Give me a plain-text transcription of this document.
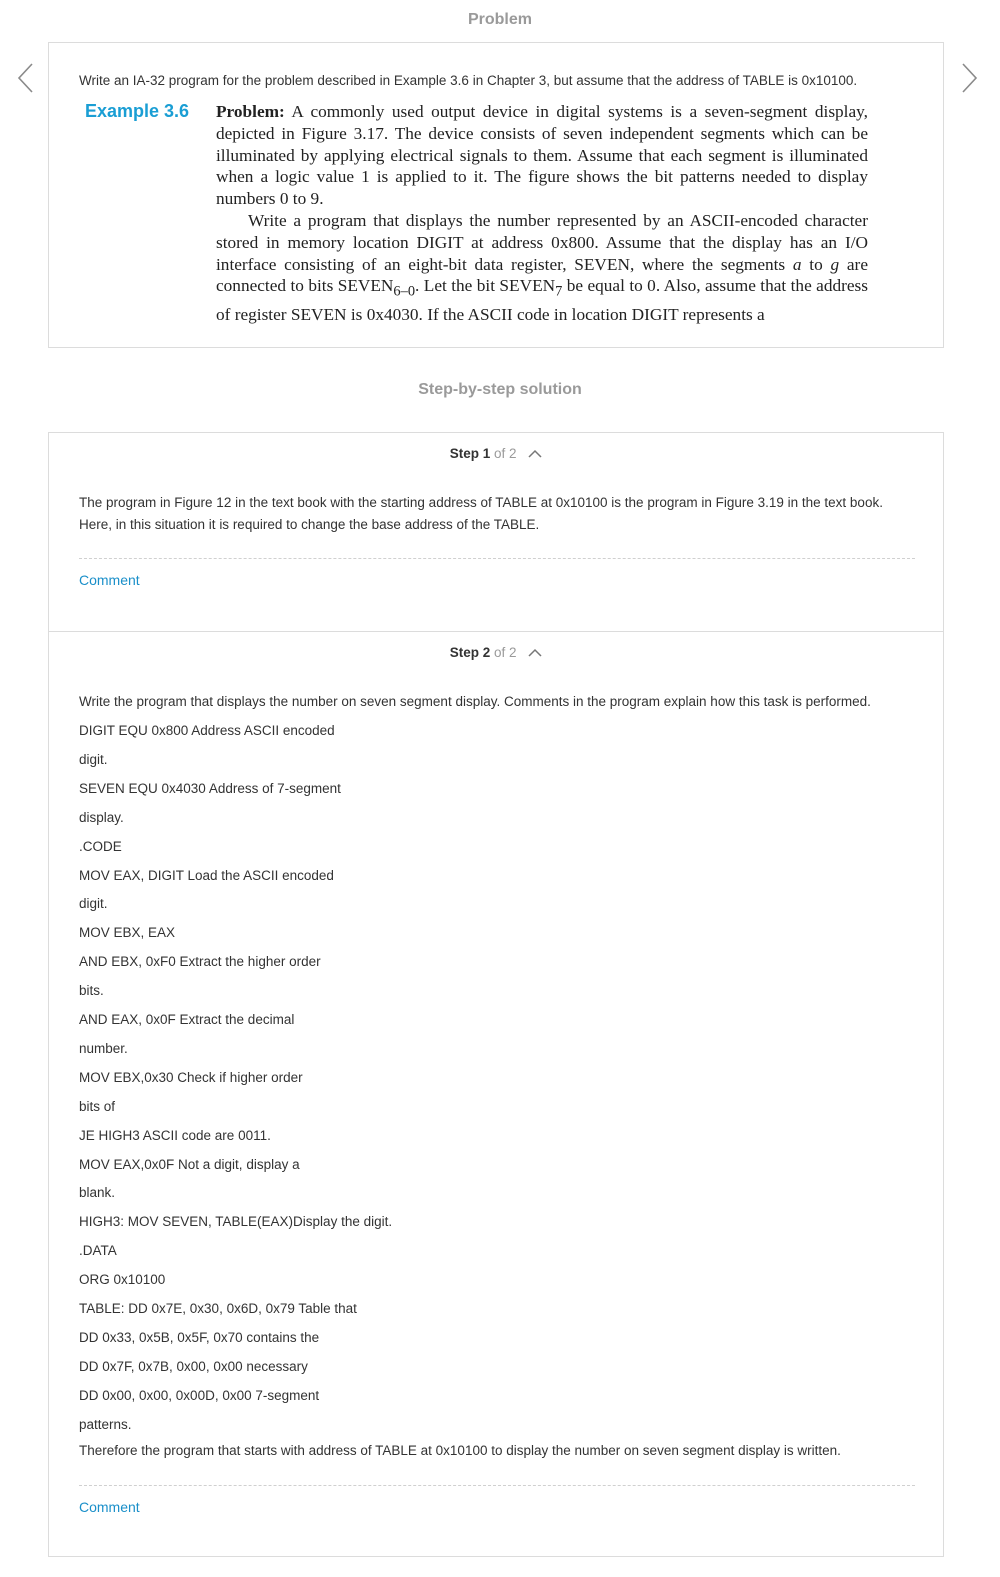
Problem
Write an IA-32 program for the problem described in Example 3.6 in Chapter 3, but assume that the address of TABLE is 0x10100.
Example 3.6 Problem: A commonly used output device in digital systems is a seven-segment display, depicted in Figure 3.17. The device consists of seven independent segments which can be illuminated by applying electrical signals to them. Assume that each segment is illuminated when a logic value 1 is applied to it. The figure shows the bit patterns needed to display numbers 0 to 9.

Write a program that displays the number represented by an ASCII-encoded character stored in memory location DIGIT at address 0x800. Assume that the display has an I/O interface consisting of an eight-bit data register, SEVEN, where the segments a to g are connected to bits $SEVEN_{6-0}$. Let the bit $SEVEN_7$ be equal to 0. Also, assume that the address of register SEVEN is 0x4030. If the ASCII code in location DIGIT represents a

Step-by-step solution
Step 1 of 2
The program in Figure 12 in the text book with the starting address of TABLE at 0x10100 is the program in Figure 3.19 in the text book. Here, in this situation it is required to change the base address of the TABLE.
Comment
Step 2 of 2
Write the program that displays the number on seven segment display. Comments in the program explain how this task is performed.
DIGIT EQU 0x800 Address ASCII encoded
digit.
SEVEN EQU 0x4030 Address of 7-segment
display.
.CODE
MOV EAX, DIGIT Load the ASCII encoded
digit.
MOV EBX, EAX
AND EBX, 0xF0 Extract the higher order
bits.
AND EAX, 0x0F Extract the decimal
number.
MOV EBX,0x30 Check if higher order
bits of
JE HIGH3 ASCII code are 0011.
MOV EAX,0x0F Not a digit, display a
blank.
HIGH3: MOV SEVEN, TABLE(EAX)Display the digit.
.DATA
ORG 0x10100
TABLE: DD 0x7E, 0x30, 0x6D, 0x79 Table that
DD 0x33, 0x5B, 0x5F, 0x70 contains the
DD 0x7F, 0x7B, 0x00, 0x00 necessary
DD 0x00, 0x00, 0x00D, 0x00 7-segment
patterns.
Therefore the program that starts with address of TABLE at 0x10100 to display the number on seven segment display is written.
Comment
